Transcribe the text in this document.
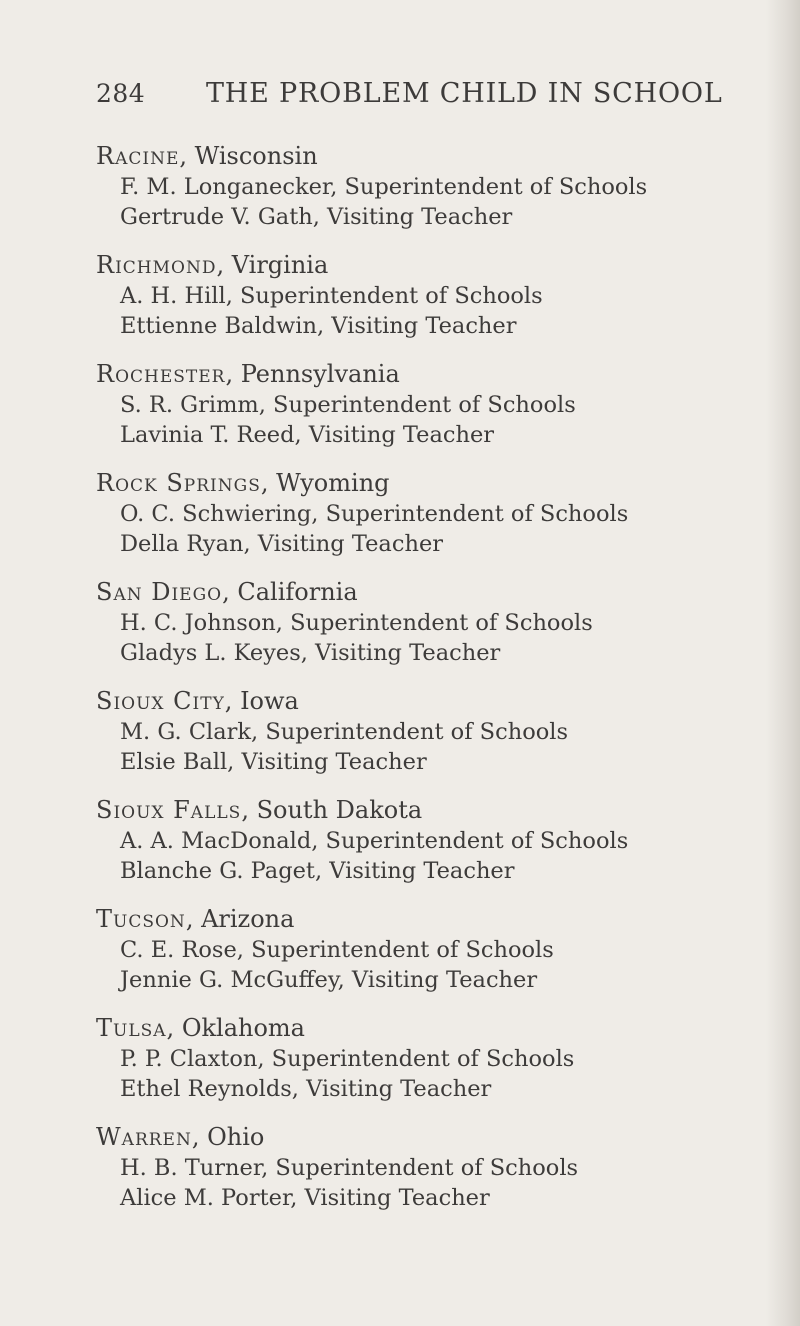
284 THE PROBLEM CHILD IN SCHOOL
Racine, Wisconsin
F. M. Longanecker, Superintendent of Schools
Gertrude V. Gath, Visiting Teacher
Richmond, Virginia
A. H. Hill, Superintendent of Schools
Ettienne Baldwin, Visiting Teacher
Rochester, Pennsylvania
S. R. Grimm, Superintendent of Schools
Lavinia T. Reed, Visiting Teacher
Rock Springs, Wyoming
O. C. Schwiering, Superintendent of Schools
Della Ryan, Visiting Teacher
San Diego, California
H. C. Johnson, Superintendent of Schools
Gladys L. Keyes, Visiting Teacher
Sioux City, Iowa
M. G. Clark, Superintendent of Schools
Elsie Ball, Visiting Teacher
Sioux Falls, South Dakota
A. A. MacDonald, Superintendent of Schools
Blanche G. Paget, Visiting Teacher
Tucson, Arizona
C. E. Rose, Superintendent of Schools
Jennie G. McGuffey, Visiting Teacher
Tulsa, Oklahoma
P. P. Claxton, Superintendent of Schools
Ethel Reynolds, Visiting Teacher
Warren, Ohio
H. B. Turner, Superintendent of Schools
Alice M. Porter, Visiting Teacher
